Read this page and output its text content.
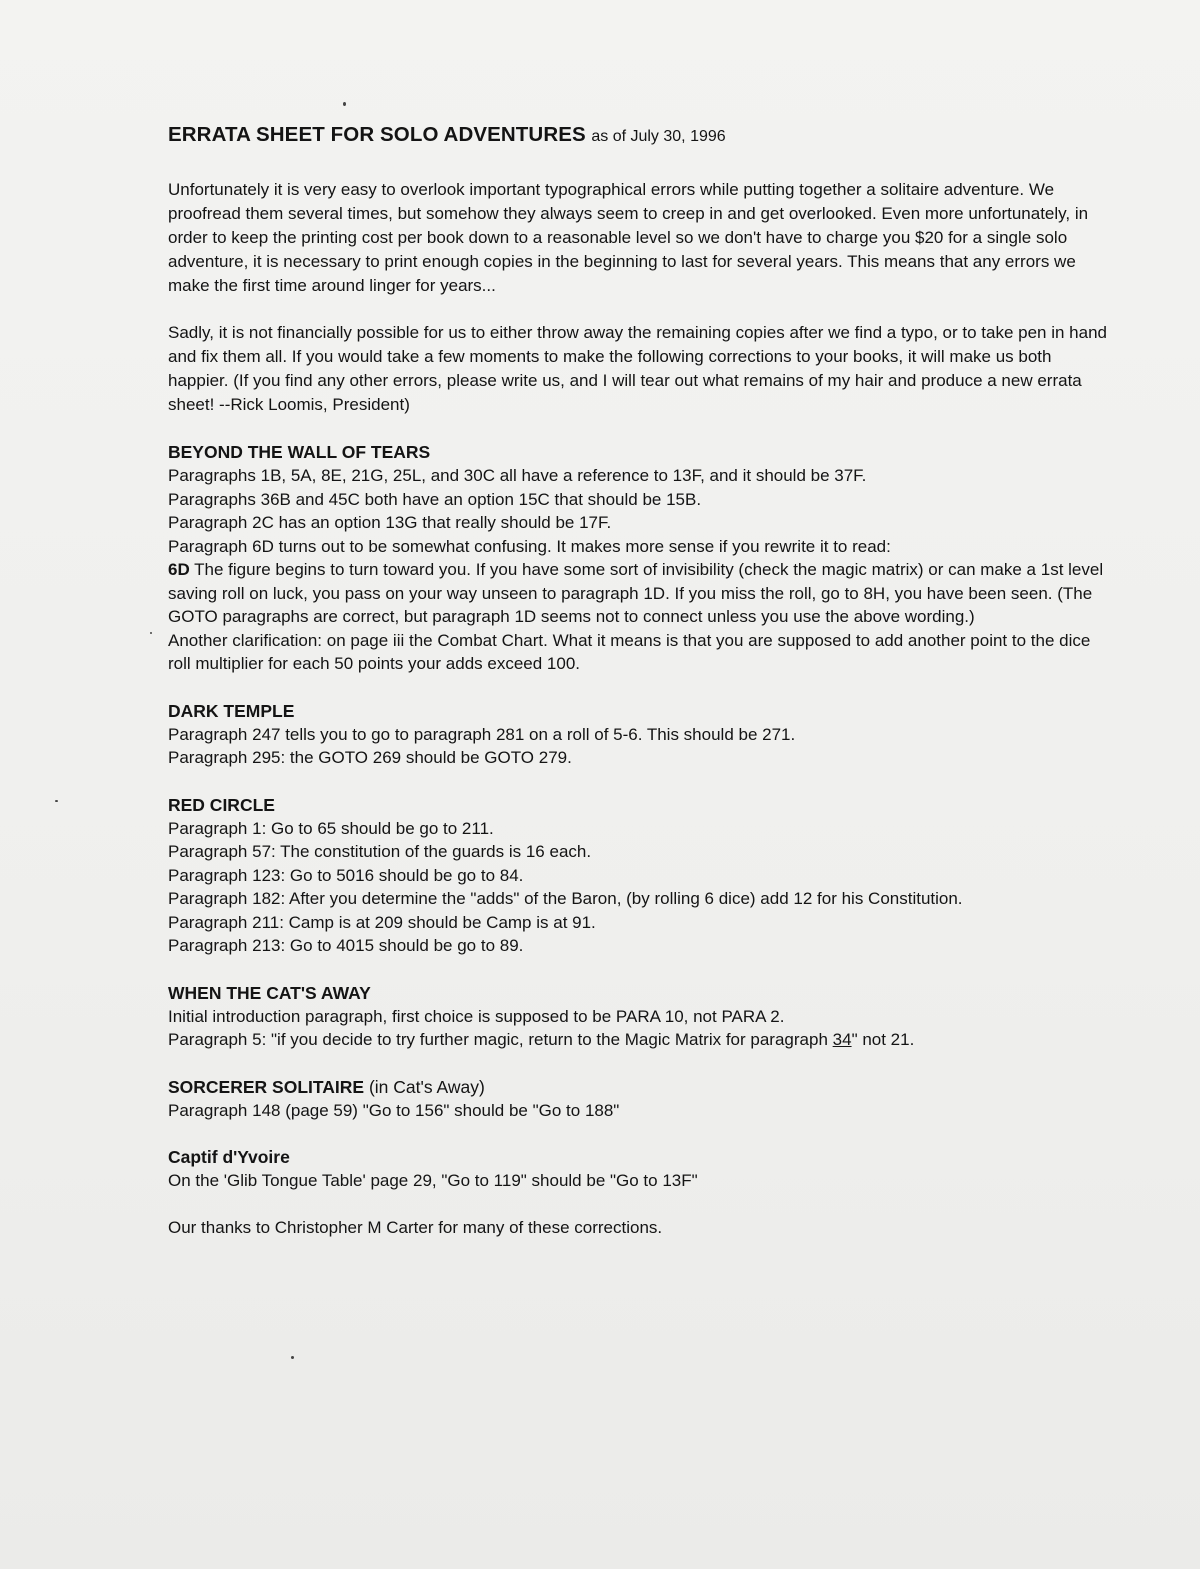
ERRATA SHEET FOR SOLO ADVENTURES as of July 30, 1996

Unfortunately it is very easy to overlook important typographical errors while putting together a solitaire adventure. We proofread them several times, but somehow they always seem to creep in and get overlooked. Even more unfortunately, in order to keep the printing cost per book down to a reasonable level so we don't have to charge you $20 for a single solo adventure, it is necessary to print enough copies in the beginning to last for several years. This means that any errors we make the first time around linger for years...

Sadly, it is not financially possible for us to either throw away the remaining copies after we find a typo, or to take pen in hand and fix them all. If you would take a few moments to make the following corrections to your books, it will make us both happier. (If you find any other errors, please write us, and I will tear out what remains of my hair and produce a new errata sheet! --Rick Loomis, President)

BEYOND THE WALL OF TEARS
Paragraphs 1B, 5A, 8E, 21G, 25L, and 30C all have a reference to 13F, and it should be 37F.
Paragraphs 36B and 45C both have an option 15C that should be 15B.
Paragraph 2C has an option 13G that really should be 17F.
Paragraph 6D turns out to be somewhat confusing. It makes more sense if you rewrite it to read:
6D The figure begins to turn toward you. If you have some sort of invisibility (check the magic matrix) or can make a 1st level saving roll on luck, you pass on your way unseen to paragraph 1D. If you miss the roll, go to 8H, you have been seen. (The GOTO paragraphs are correct, but paragraph 1D seems not to connect unless you use the above wording.)
Another clarification: on page iii the Combat Chart. What it means is that you are supposed to add another point to the dice roll multiplier for each 50 points your adds exceed 100.
DARK TEMPLE
Paragraph 247 tells you to go to paragraph 281 on a roll of 5-6. This should be 271.
Paragraph 295: the GOTO 269 should be GOTO 279.
RED CIRCLE
Paragraph 1: Go to 65 should be go to 211.
Paragraph 57: The constitution of the guards is 16 each.
Paragraph 123: Go to 5016 should be go to 84.
Paragraph 182: After you determine the "adds" of the Baron, (by rolling 6 dice) add 12 for his Constitution.
Paragraph 211: Camp is at 209 should be Camp is at 91.
Paragraph 213: Go to 4015 should be go to 89.
WHEN THE CAT'S AWAY
Initial introduction paragraph, first choice is supposed to be PARA 10, not PARA 2.
Paragraph 5: "if you decide to try further magic, return to the Magic Matrix for paragraph 34" not 21.
SORCERER SOLITAIRE (in Cat's Away)
Paragraph 148 (page 59) "Go to 156" should be "Go to 188"
Captif d'Yvoire
On the 'Glib Tongue Table' page 29, "Go to 119" should be "Go to 13F"
Our thanks to Christopher M Carter for many of these corrections.
